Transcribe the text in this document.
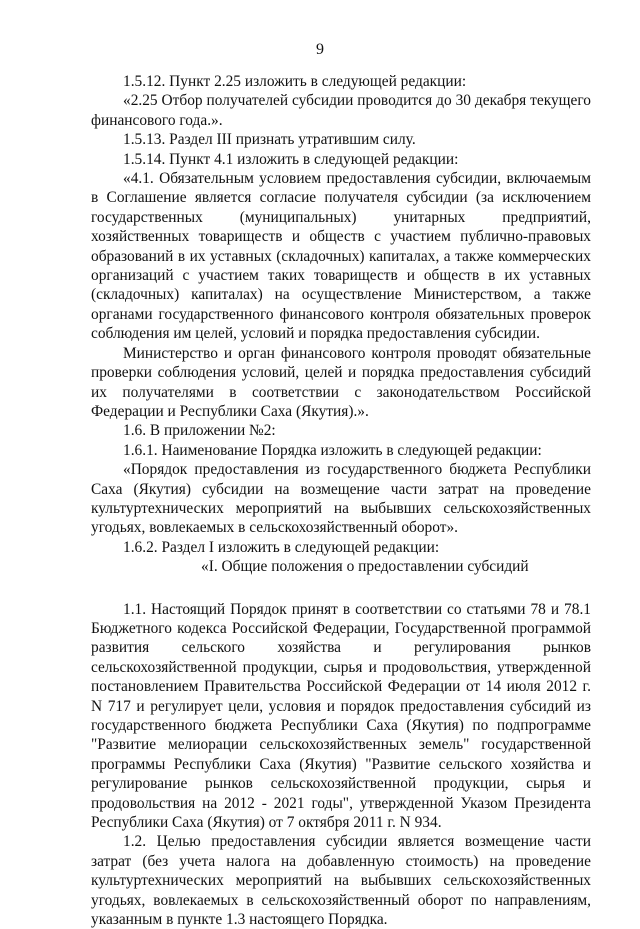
9

1.5.12. Пункт 2.25 изложить в следующей редакции:

«2.25 Отбор получателей субсидии проводится до 30 декабря текущего финансового года.».

1.5.13. Раздел III признать утратившим силу.

1.5.14. Пункт 4.1 изложить в следующей редакции:

«4.1. Обязательным условием предоставления субсидии, включаемым в Соглашение является согласие получателя субсидии (за исключением государственных (муниципальных) унитарных предприятий, хозяйственных товариществ и обществ с участием публично-правовых образований в их уставных (складочных) капиталах, а также коммерческих организаций с участием таких товариществ и обществ в их уставных (складочных) капиталах) на осуществление Министерством, а также органами государственного финансового контроля обязательных проверок соблюдения им целей, условий и порядка предоставления субсидии.

Министерство и орган финансового контроля проводят обязательные проверки соблюдения условий, целей и порядка предоставления субсидий их получателями в соответствии с законодательством Российской Федерации и Республики Саха (Якутия).».

1.6. В приложении №2:

1.6.1. Наименование Порядка изложить в следующей редакции:

«Порядок предоставления из государственного бюджета Республики Саха (Якутия) субсидии на возмещение части затрат на проведение культуртехнических мероприятий на выбывших сельскохозяйственных угодьях, вовлекаемых в сельскохозяйственный оборот».

1.6.2. Раздел I изложить в следующей редакции:

«I. Общие положения о предоставлении субсидий

1.1. Настоящий Порядок принят в соответствии со статьями 78 и 78.1 Бюджетного кодекса Российской Федерации, Государственной программой развития сельского хозяйства и регулирования рынков сельскохозяйственной продукции, сырья и продовольствия, утвержденной постановлением Правительства Российской Федерации от 14 июля 2012 г. N 717 и регулирует цели, условия и порядок предоставления субсидий из государственного бюджета Республики Саха (Якутия) по подпрограмме "Развитие мелиорации сельскохозяйственных земель" государственной программы Республики Саха (Якутия) "Развитие сельского хозяйства и регулирование рынков сельскохозяйственной продукции, сырья и продовольствия на 2012 - 2021 годы", утвержденной Указом Президента Республики Саха (Якутия) от 7 октября 2011 г. N 934.

1.2. Целью предоставления субсидии является возмещение части затрат (без учета налога на добавленную стоимость) на проведение культуртехнических мероприятий на выбывших сельскохозяйственных угодьях, вовлекаемых в сельскохозяйственный оборот по направлениям, указанным в пункте 1.3 настоящего Порядка.
